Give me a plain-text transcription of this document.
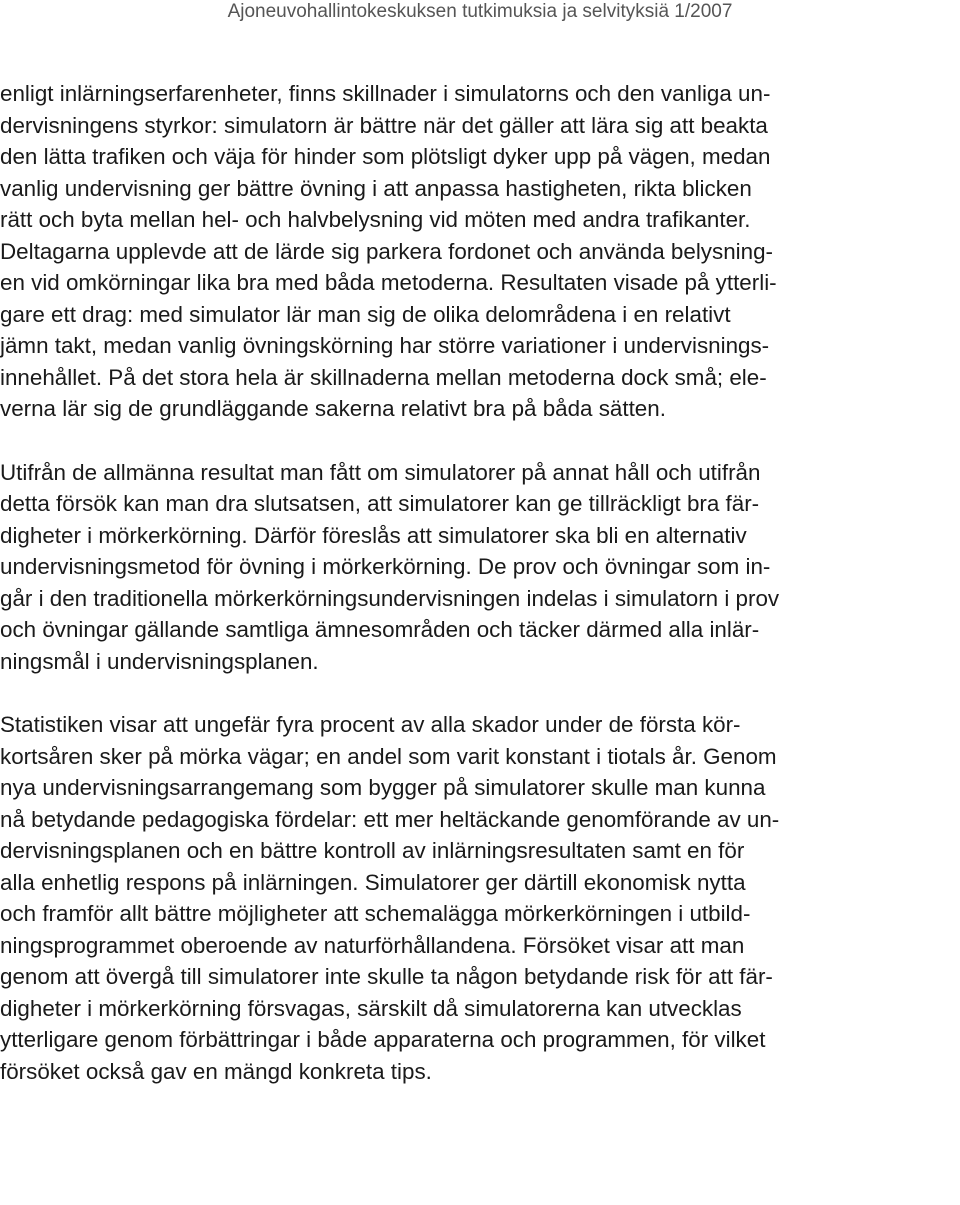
Ajoneuvohallintokeskuksen tutkimuksia ja selvityksiä 1/2007
enligt inlärningserfarenheter, finns skillnader i simulatorns och den vanliga un-
dervisningens styrkor: simulatorn är bättre när det gäller att lära sig att beakta
den lätta trafiken och väja för hinder som plötsligt dyker upp på vägen, medan
vanlig undervisning ger bättre övning i att anpassa hastigheten, rikta blicken
rätt och byta mellan hel- och halvbelysning vid möten med andra trafikanter.
Deltagarna upplevde att de lärde sig parkera fordonet och använda belysning-
en vid omkörningar lika bra med båda metoderna. Resultaten visade på ytterli-
gare ett drag: med simulator lär man sig de olika delområdena i en relativt
jämn takt, medan vanlig övningskörning har större variationer i undervisnings-
innehållet. På det stora hela är skillnaderna mellan metoderna dock små; ele-
verna lär sig de grundläggande sakerna relativt bra på båda sätten.
Utifrån de allmänna resultat man fått om simulatorer på annat håll och utifrån
detta försök kan man dra slutsatsen, att simulatorer kan ge tillräckligt bra fär-
digheter i mörkerkörning. Därför föreslås att simulatorer ska bli en alternativ
undervisningsmetod för övning i mörkerkörning. De prov och övningar som in-
går i den traditionella mörkerkörningsundervisningen indelas i simulatorn i prov
och övningar gällande samtliga ämnesområden och täcker därmed alla inlär-
ningsmål i undervisningsplanen.
Statistiken visar att ungefär fyra procent av alla skador under de första kör-
kortsåren sker på mörka vägar; en andel som varit konstant i tiotals år. Genom
nya undervisningsarrangemang som bygger på simulatorer skulle man kunna
nå betydande pedagogiska fördelar: ett mer heltäckande genomförande av un-
dervisningsplanen och en bättre kontroll av inlärningsresultaten samt en för
alla enhetlig respons på inlärningen. Simulatorer ger därtill ekonomisk nytta
och framför allt bättre möjligheter att schemalägga mörkerkörningen i utbild-
ningsprogrammet oberoende av naturförhållandena. Försöket visar att man
genom att övergå till simulatorer inte skulle ta någon betydande risk för att fär-
digheter i mörkerkörning försvagas, särskilt då simulatorerna kan utvecklas
ytterligare genom förbättringar i både apparaterna och programmen, för vilket
försöket också gav en mängd konkreta tips.
